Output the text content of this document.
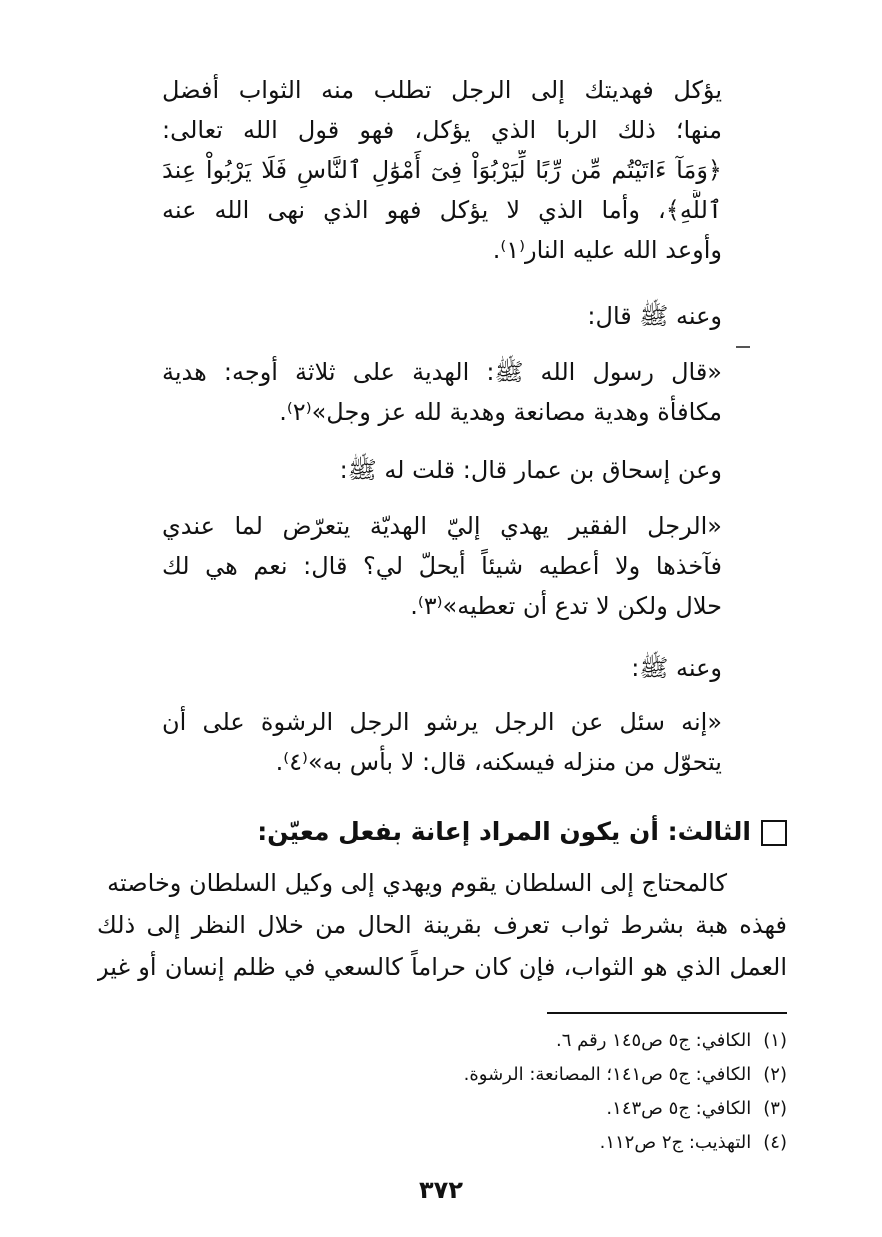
يؤكل فهديتك إلى الرجل تطلب منه الثواب أفضل
منها؛ ذلك الربا الذي يؤكل، فهو قول الله تعالى:
﴿وَمَآ ءَاتَيْتُم مِّن رِّبًا لِّيَرْبُوَاْ فِىٓ أَمْوَٰلِ ٱلنَّاسِ فَلَا يَرْبُواْ عِندَ
ٱللَّهِ﴾، وأما الذي لا يؤكل فهو الذي نهى الله عنه
وأوعد الله عليه النار⁽١⁾.
وعنه ﷺ قال:
«قال رسول الله ﷺ: الهدية على ثلاثة أوجه: هدية
مكافأة وهدية مصانعة وهدية لله عز وجل»⁽٢⁾.
وعن إسحاق بن عمار قال: قلت له ﷺ:
«الرجل الفقير يهدي إليّ الهديّة يتعرّض لما عندي
فآخذها ولا أعطيه شيئاً أيحلّ لي؟ قال: نعم هي لك
حلال ولكن لا تدع أن تعطيه»⁽٣⁾.
وعنه ﷺ:
«إنه سئل عن الرجل يرشو الرجل الرشوة على أن
يتحوّل من منزله فيسكنه، قال: لا بأس به»⁽٤⁾.
الثالث: أن يكون المراد إعانة بفعل معيّن:
كالمحتاج إلى السلطان يقوم ويهدي إلى وكيل السلطان وخاصته
فهذه هبة بشرط ثواب تعرف بقرينة الحال من خلال النظر إلى ذلك
العمل الذي هو الثواب، فإن كان حراماً كالسعي في ظلم إنسان أو غير
(١)الكافي: ج٥ ص١٤٥ رقم ٦.
(٢)الكافي: ج٥ ص١٤١؛ المصانعة: الرشوة.
(٣)الكافي: ج٥ ص١٤٣.
(٤)التهذيب: ج٢ ص١١٢.
٣٧٢
